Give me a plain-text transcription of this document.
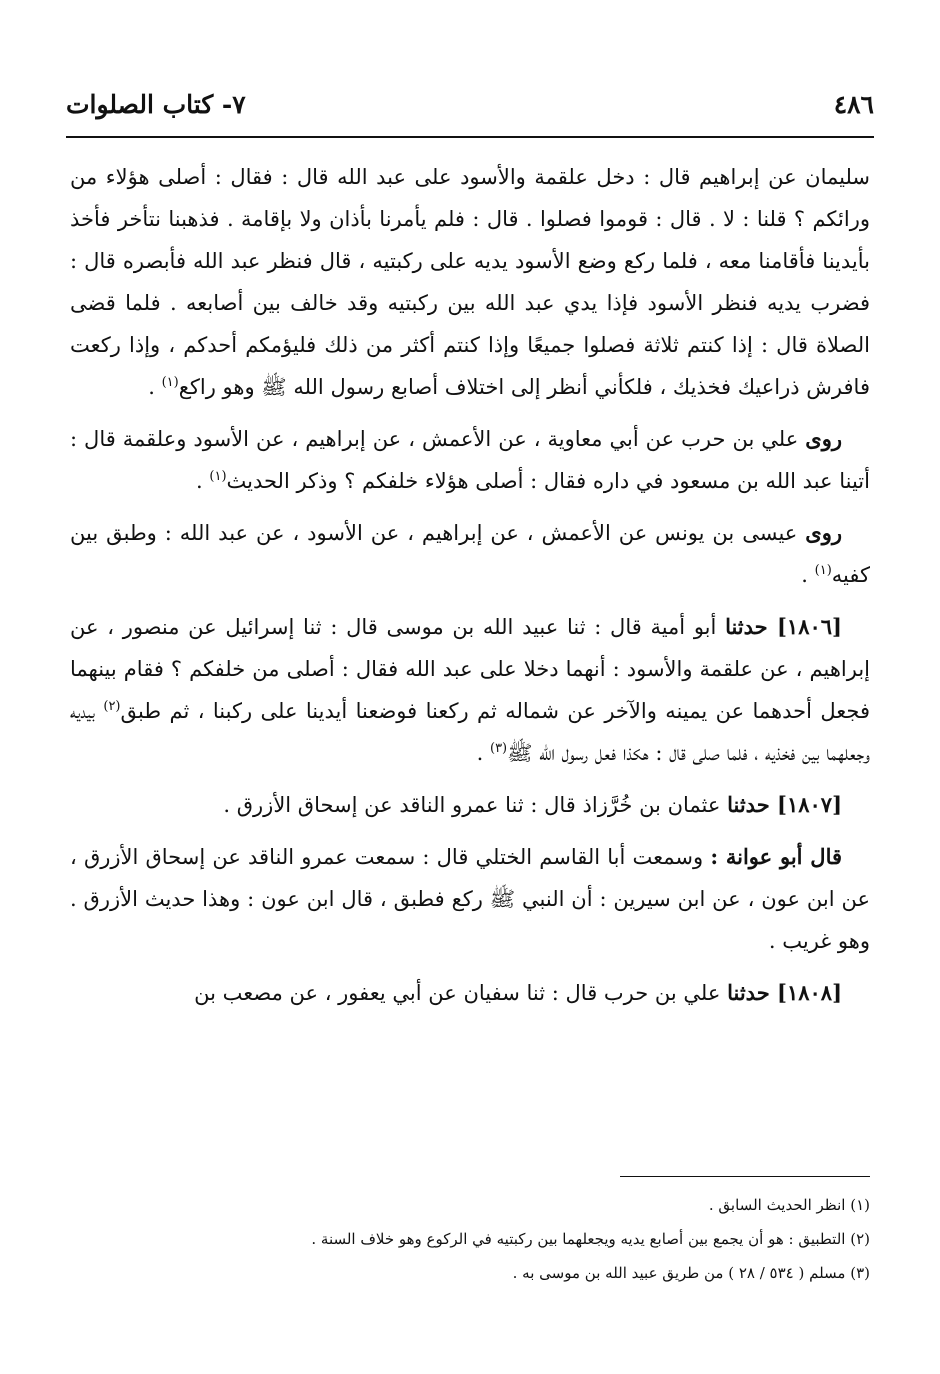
٤٨٦
٧- كتاب الصلوات

سليمان عن إبراهيم قال : دخل علقمة والأسود على عبد الله قال : فقال : أصلى هؤلاء من ورائكم ؟ قلنا : لا . قال : قوموا فصلوا . قال : فلم يأمرنا بأذان ولا بإقامة . فذهبنا نتأخر فأخذ بأيدينا فأقامنا معه ، فلما ركع وضع الأسود يديه على ركبتيه ، قال فنظر عبد الله فأبصره قال : فضرب يديه فنظر الأسود فإذا يدي عبد الله بين ركبتيه وقد خالف بين أصابعه . فلما قضى الصلاة قال : إذا كنتم ثلاثة فصلوا جميعًا وإذا كنتم أكثر من ذلك فليؤمكم أحدكم ، وإذا ركعت فافرش ذراعيك فخذيك ، فلكأني أنظر إلى اختلاف أصابع رسول الله ﷺ وهو راكع$^{(١)}$ .

روى علي بن حرب عن أبي معاوية ، عن الأعمش ، عن إبراهيم ، عن الأسود وعلقمة قال : أتينا عبد الله بن مسعود في داره فقال : أصلى هؤلاء خلفكم ؟ وذكر الحديث$^{(١)}$ .

روى عيسى بن يونس عن الأعمش ، عن إبراهيم ، عن الأسود ، عن عبد الله : وطبق بين كفيه$^{(١)}$ .

[١٨٠٦] حدثنا أبو أمية قال : ثنا عبيد الله بن موسى قال : ثنا إسرائيل عن منصور ، عن إبراهيم ، عن علقمة والأسود : أنهما دخلا على عبد الله فقال : أصلى من خلفكم ؟ فقام بينهما فجعل أحدهما عن يمينه والآخر عن شماله ثم ركعنا فوضعنا أيدينا على ركبنا ، ثم طبق$^{(٢)}$ بيديه وجعلهما بين فخذيه ، فلما صلى قال : هكذا فعل رسول الله ﷺ$^{(٣)}$ .

[١٨٠٧] حدثنا عثمان بن خُرَّزاذ قال : ثنا عمرو الناقد عن إسحاق الأزرق .

قال أبو عوانة : وسمعت أبا القاسم الختلي قال : سمعت عمرو الناقد عن إسحاق الأزرق ، عن ابن عون ، عن ابن سيرين : أن النبي ﷺ ركع فطبق ، قال ابن عون : وهذا حديث الأزرق . وهو غريب .

[١٨٠٨] حدثنا علي بن حرب قال : ثنا سفيان عن أبي يعفور ، عن مصعب بن

(١) انظر الحديث السابق .

(٢) التطبيق : هو أن يجمع بين أصابع يديه ويجعلهما بين ركبتيه في الركوع وهو خلاف السنة .

(٣) مسلم ( ٥٣٤ / ٢٨ ) من طريق عبيد الله بن موسى به .
